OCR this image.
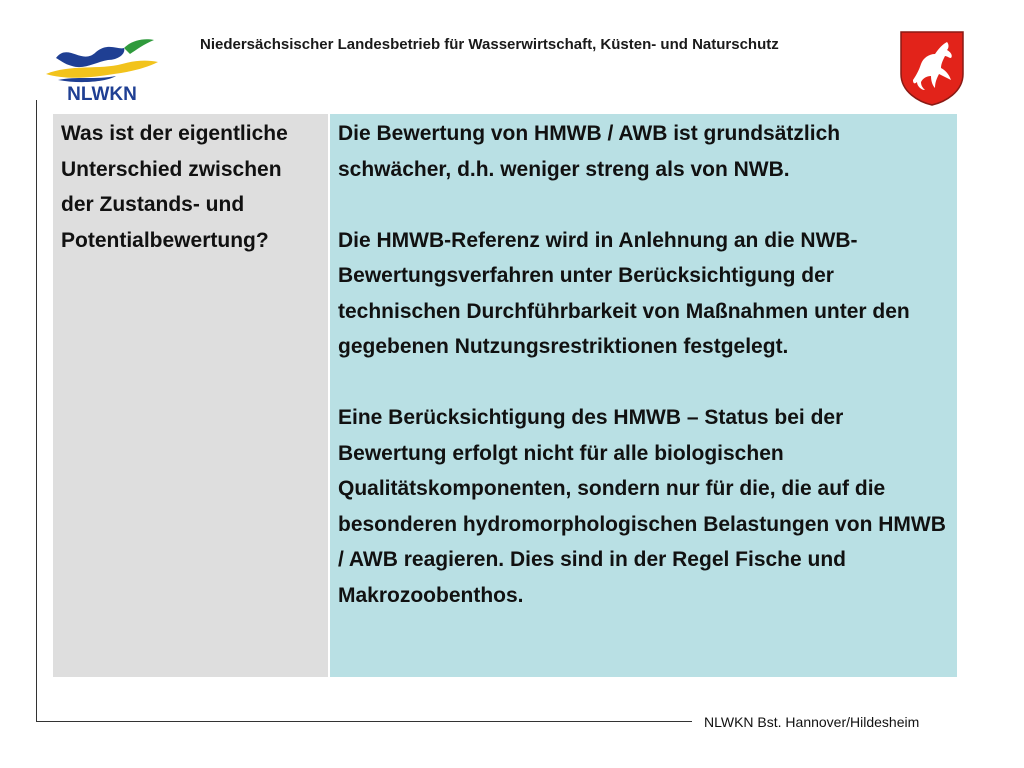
NLWKN
Niedersächsischer Landesbetrieb für Wasserwirtschaft, Küsten- und Naturschutz
Was ist der eigentliche Unterschied zwischen der Zustands- und Potentialbewertung?

Die Bewertung von HMWB / AWB ist grundsätzlich schwächer, d.h. weniger streng als von NWB.

Die HMWB-Referenz wird in Anlehnung an die NWB-Bewertungsverfahren unter Berücksichtigung der technischen Durchführbarkeit von Maßnahmen unter den gegebenen Nutzungsrestriktionen festgelegt.

Eine Berücksichtigung des HMWB – Status bei der Bewertung erfolgt nicht für alle biologischen Qualitätskomponenten, sondern nur für die, die auf die besonderen hydromorphologischen Belastungen von HMWB / AWB reagieren. Dies sind in der Regel Fische und Makrozoobenthos.

NLWKN Bst. Hannover/Hildesheim
